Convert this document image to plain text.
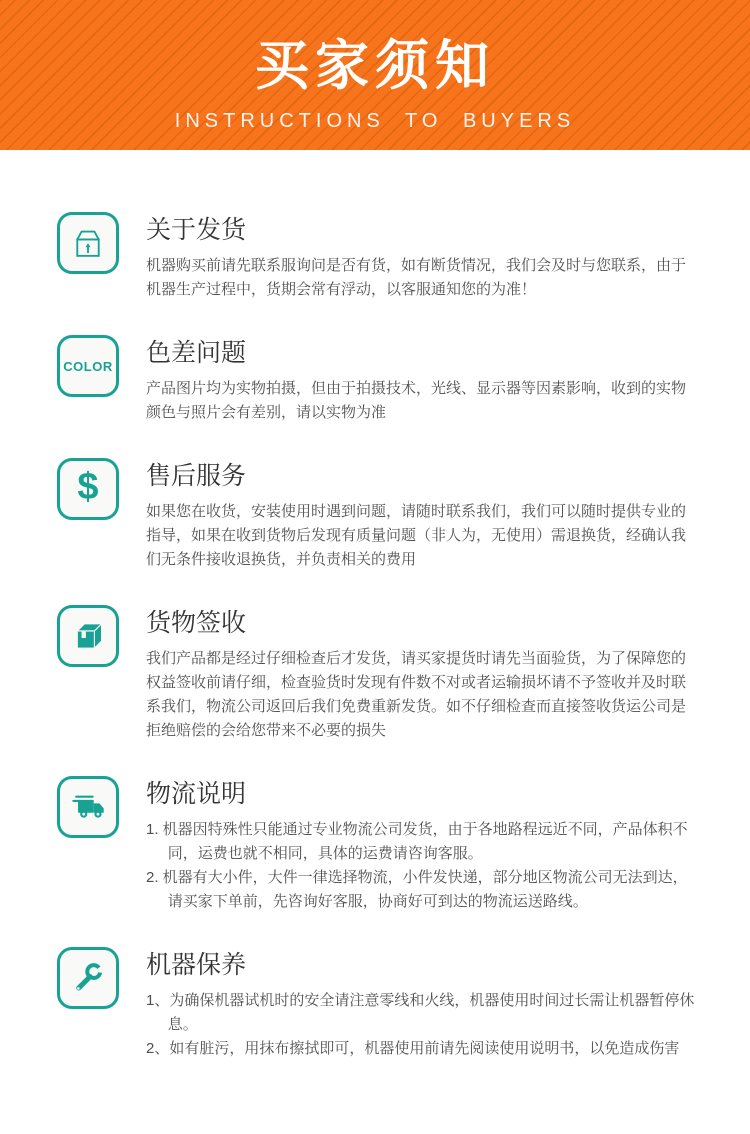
买家须知
INSTRUCTIONS TO BUYERS
关于发货

机器购买前请先联系服询问是否有货，如有断货情况，我们会及时与您联系，由于机器生产过程中，货期会常有浮动，以客服通知您的为准！

COLOR 色差问题

产品图片均为实物拍摄，但由于拍摄技术，光线、显示器等因素影响，收到的实物颜色与照片会有差别，请以实物为准

$ 售后服务

如果您在收货，安装使用时遇到问题，请随时联系我们，我们可以随时提供专业的指导，如果在收到货物后发现有质量问题（非人为，无使用）需退换货，经确认我们无条件接收退换货，并负责相关的费用

货物签收

我们产品都是经过仔细检查后才发货，请买家提货时请先当面验货，为了保障您的权益签收前请仔细，检查验货时发现有件数不对或者运输损坏请不予签收并及时联系我们，物流公司返回后我们免费重新发货。如不仔细检查而直接签收货运公司是拒绝赔偿的会给您带来不必要的损失

物流说明

1. 机器因特殊性只能通过专业物流公司发货，由于各地路程远近不同，产品体积不同，运费也就不相同，具体的运费请咨询客服。

2. 机器有大小件，大件一律选择物流，小件发快递，部分地区物流公司无法到达，请买家下单前，先咨询好客服，协商好可到达的物流运送路线。

机器保养

1、为确保机器试机时的安全请注意零线和火线，机器使用时间过长需让机器暂停休息。

2、如有脏污，用抹布擦拭即可，机器使用前请先阅读使用说明书，以免造成伤害
